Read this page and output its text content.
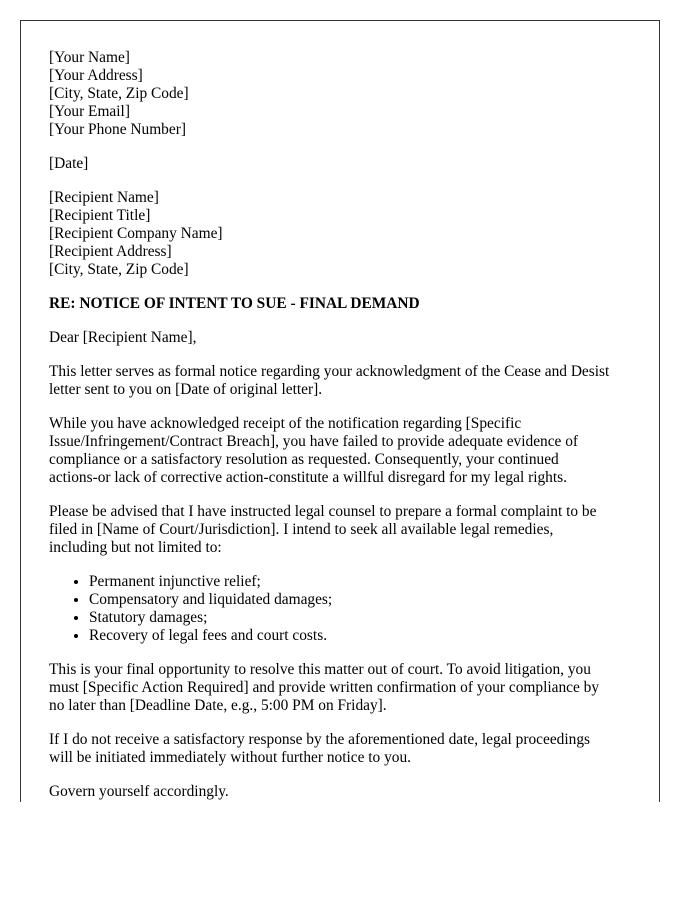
[Your Name]
[Your Address]
[City, State, Zip Code]
[Your Email]
[Your Phone Number]
[Date]
[Recipient Name]
[Recipient Title]
[Recipient Company Name]
[Recipient Address]
[City, State, Zip Code]
RE: NOTICE OF INTENT TO SUE - FINAL DEMAND
Dear [Recipient Name],
This letter serves as formal notice regarding your acknowledgment of the Cease and Desist
letter sent to you on [Date of original letter].
While you have acknowledged receipt of the notification regarding [Specific
Issue/Infringement/Contract Breach], you have failed to provide adequate evidence of
compliance or a satisfactory resolution as requested. Consequently, your continued
actions-or lack of corrective action-constitute a willful disregard for my legal rights.
Please be advised that I have instructed legal counsel to prepare a formal complaint to be
filed in [Name of Court/Jurisdiction]. I intend to seek all available legal remedies,
including but not limited to:
• Permanent injunctive relief;
• Compensatory and liquidated damages;
• Statutory damages;
• Recovery of legal fees and court costs.
This is your final opportunity to resolve this matter out of court. To avoid litigation, you
must [Specific Action Required] and provide written confirmation of your compliance by
no later than [Deadline Date, e.g., 5:00 PM on Friday].
If I do not receive a satisfactory response by the aforementioned date, legal proceedings
will be initiated immediately without further notice to you.
Govern yourself accordingly.
